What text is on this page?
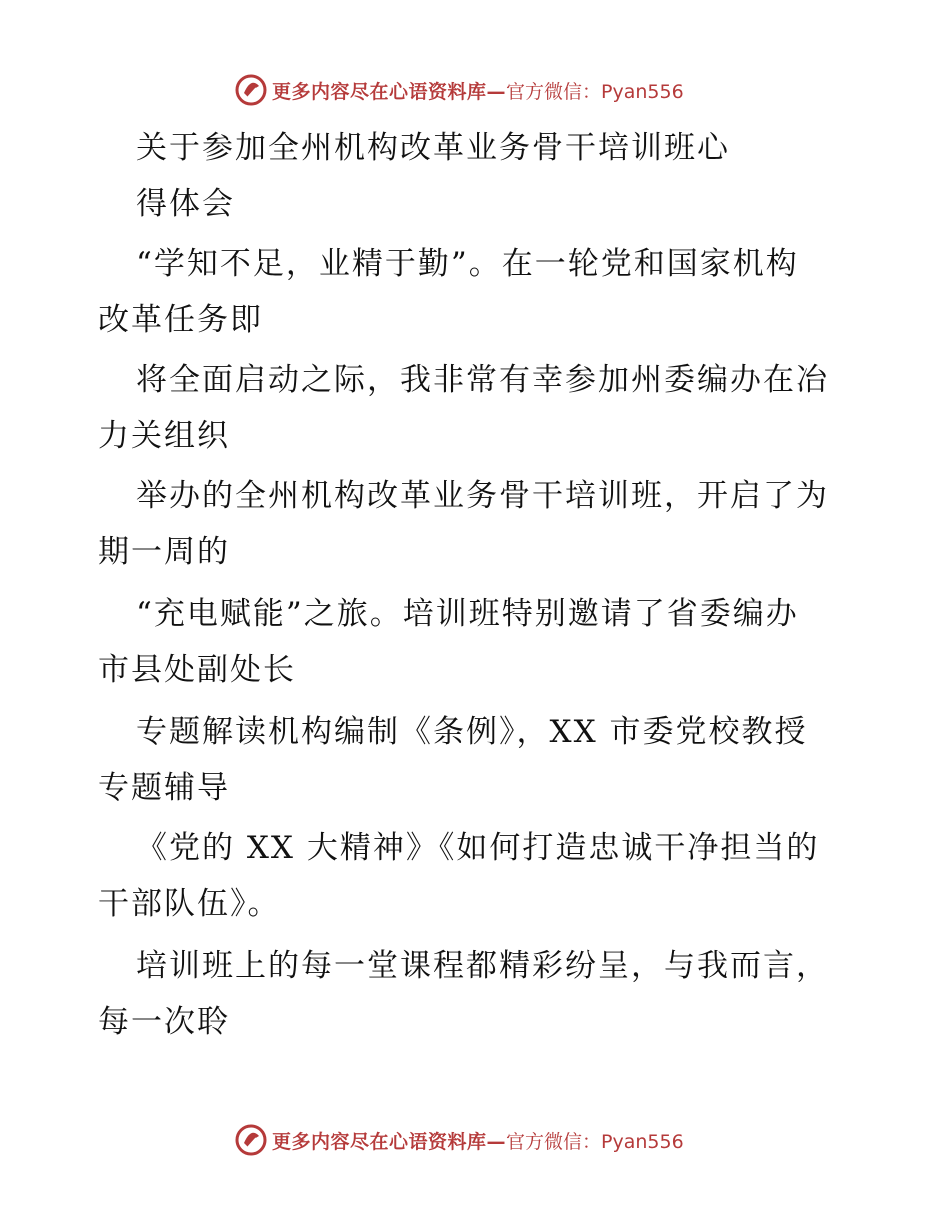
更多内容尽在心语资料库— 官方微信：Pyan556
关于参加全州机构改革业务骨干培训班心
得体会
“学知不足，业精于勤”。在一轮党和国家机构
改革任务即
将全面启动之际，我非常有幸参加州委编办在冶
力关组织
举办的全州机构改革业务骨干培训班，开启了为
期一周的
“充电赋能”之旅。培训班特别邀请了省委编办
市县处副处长
专题解读机构编制《条例》，XX 市委党校教授
专题辅导
《党的 XX 大精神》《如何打造忠诚干净担当的
干部队伍》。
培训班上的每一堂课程都精彩纷呈，与我而言，
每一次聆
更多内容尽在心语资料库— 官方微信：Pyan556
